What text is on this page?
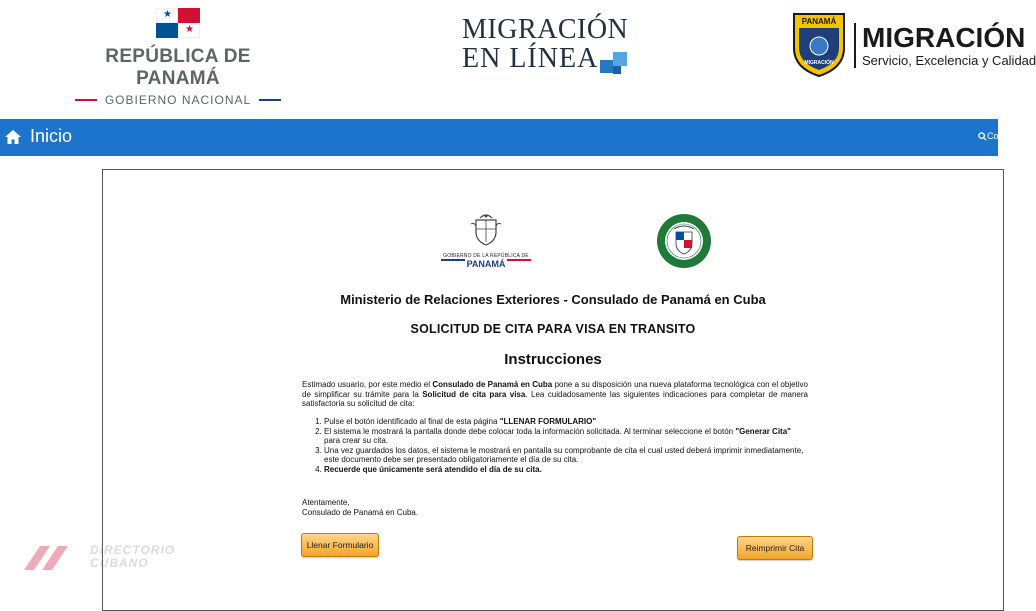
★
★
REPÚBLICA DE PANAMÁ
GOBIERNO NACIONAL
MIGRACIÓN
EN LÍNEA
PANAMÁ
MIGRACIÓN
MIGRACIÓN
Servicio, Excelencia y Calidad
Inicio	Co
GOBIERNO DE LA REPÚBLICA DE
PANAMÁ
Ministerio de Relaciones Exteriores - Consulado de Panamá en Cuba
SOLICITUD DE CITA PARA VISA EN TRANSITO
Instrucciones
Estimado usuario, por este medio el Consulado de Panamá en Cuba pone a su disposición una nueva plataforma tecnológica con el objetivo de simplificar su trámite para la Solicitud de cita para visa. Lea cuidadosamente las siguientes indicaciones para completar de manera satisfactoria su solicitud de cita:
1. Pulse el botón identificado al final de esta página "LLENAR FORMULARIO"
2. El sistema le mostrará la pantalla donde debe colocar toda la información solicitada. Al terminar seleccione el botón "Generar Cita" para crear su cita.
3. Una vez guardados los datos, el sistema le mostrará en pantalla su comprobante de cita el cual usted deberá imprimir inmediatamente, este documento debe ser presentado obligatoriamente el día de su cita.
4. Recuerde que únicamente será atendido el día de su cita.
Atentamente,
Consulado de Panamá en Cuba.
Llenar Formulario	Reimprimir Cita
DIRECTORIO
CUBANO
